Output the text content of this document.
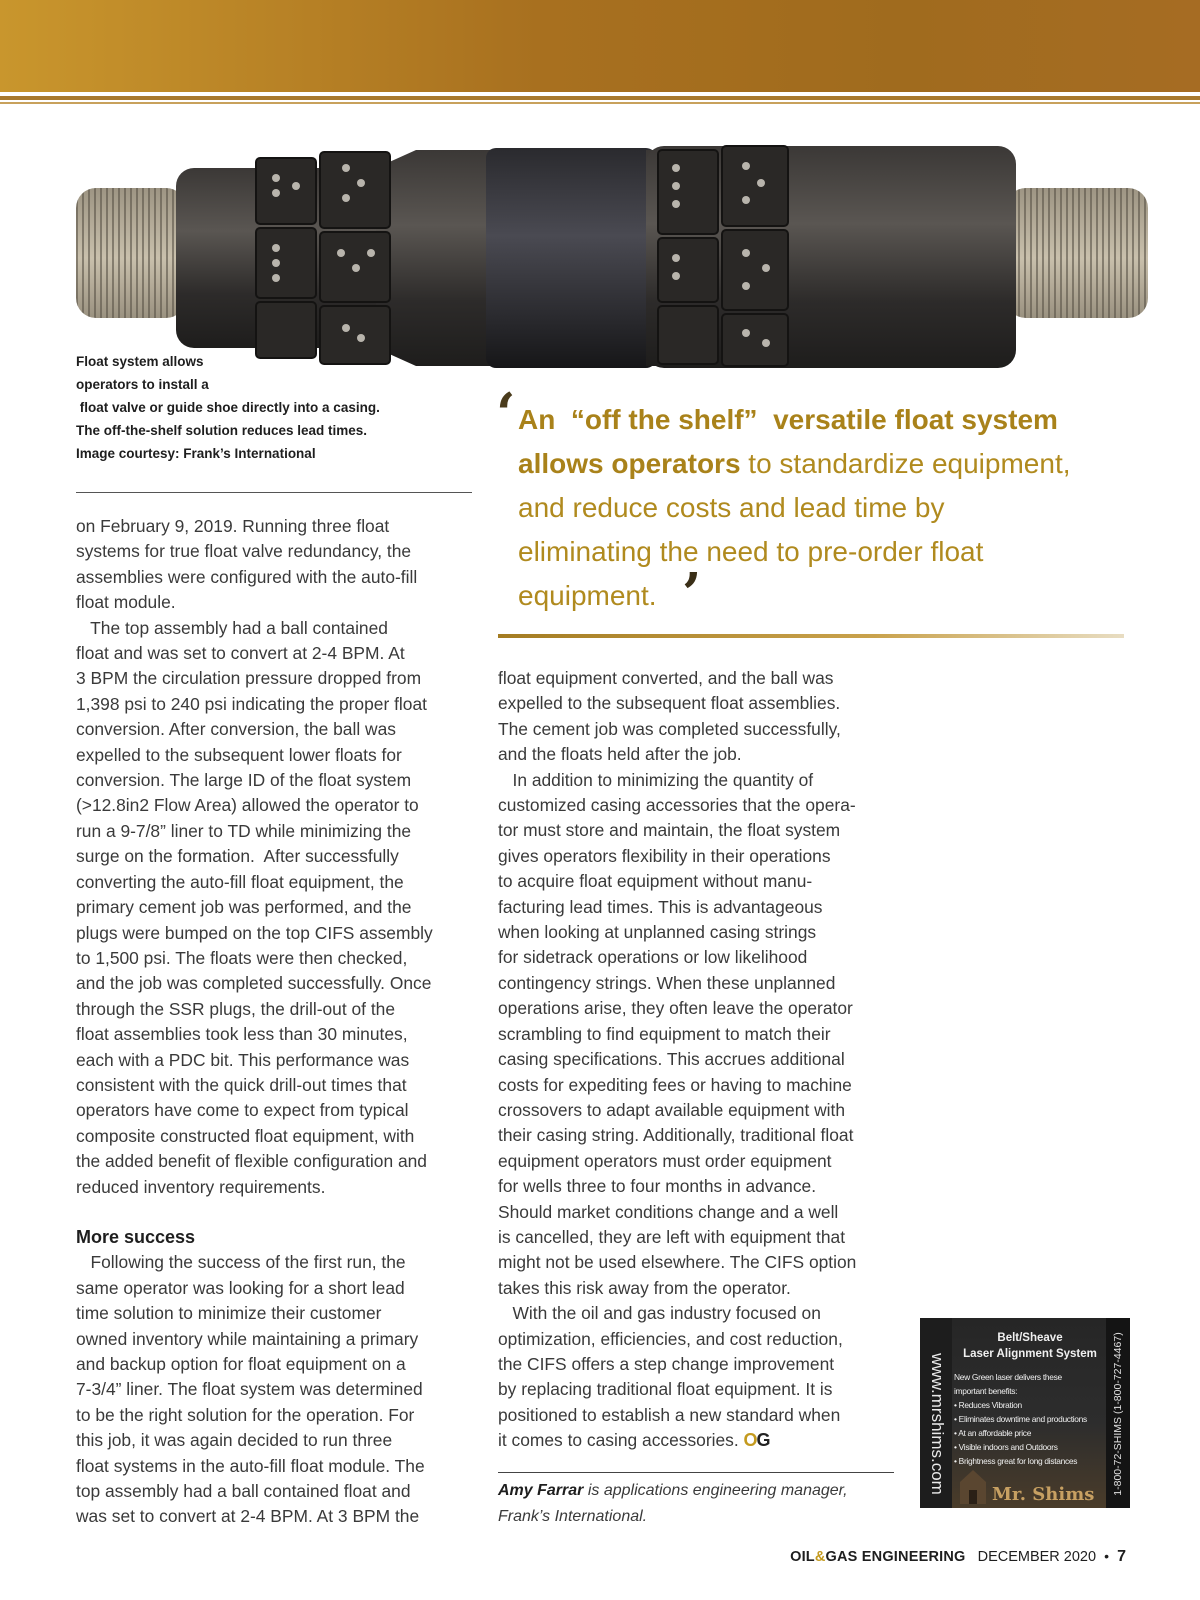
Float system allows
operators to install a
float valve or guide shoe directly into a casing.
The off-the-shelf solution reduces lead times.
Image courtesy: Frank’s International
‘ An  “off the shelf”  versatile float system
allows operators to standardize equipment,
and reduce costs and lead time by
eliminating the need to pre-order float
equipment. ’

on February 9, 2019. Running three float

systems for true float valve redundancy, the

assemblies were configured with the auto-fill

float module.

The top assembly had a ball contained

float and was set to convert at 2-4 BPM. At

3 BPM the circulation pressure dropped from

1,398 psi to 240 psi indicating the proper float

conversion. After conversion, the ball was

expelled to the subsequent lower floats for

conversion. The large ID of the float system

(>12.8in2 Flow Area) allowed the operator to

run a 9-7/8” liner to TD while minimizing the

surge on the formation.  After successfully

converting the auto-fill float equipment, the

primary cement job was performed, and the

plugs were bumped on the top CIFS assembly

to 1,500 psi. The floats were then checked,

and the job was completed successfully. Once

through the SSR plugs, the drill-out of the

float assemblies took less than 30 minutes,

each with a PDC bit. This performance was

consistent with the quick drill-out times that

operators have come to expect from typical

composite constructed float equipment, with

the added benefit of flexible configuration and

reduced inventory requirements.

More success

Following the success of the first run, the

same operator was looking for a short lead

time solution to minimize their customer

owned inventory while maintaining a primary

and backup option for float equipment on a

7-3/4” liner. The float system was determined

to be the right solution for the operation. For

this job, it was again decided to run three

float systems in the auto-fill float module. The

top assembly had a ball contained float and

was set to convert at 2-4 BPM. At 3 BPM the

float equipment converted, and the ball was

expelled to the subsequent float assemblies.

The cement job was completed successfully,

and the floats held after the job.

In addition to minimizing the quantity of

customized casing accessories that the opera-

tor must store and maintain, the float system

gives operators flexibility in their operations

to acquire float equipment without manu-

facturing lead times. This is advantageous

when looking at unplanned casing strings

for sidetrack operations or low likelihood

contingency strings. When these unplanned

operations arise, they often leave the operator

scrambling to find equipment to match their

casing specifications. This accrues additional

costs for expediting fees or having to machine

crossovers to adapt available equipment with

their casing string. Additionally, traditional float

equipment operators must order equipment

for wells three to four months in advance.

Should market conditions change and a well

is cancelled, they are left with equipment that

might not be used elsewhere. The CIFS option

takes this risk away from the operator.

With the oil and gas industry focused on

optimization, efficiencies, and cost reduction,

the CIFS offers a step change improvement

by replacing traditional float equipment. It is

positioned to establish a new standard when

it comes to casing accessories. OG

Amy Farrar is applications engineering manager,
Frank’s International.
www.mrshims.com
Belt/Sheave
Laser Alignment System
New Green laser delivers these
important benefits:
• Reduces Vibration
• Eliminates downtime and productions
• At an affordable price
• Visible indoors and Outdoors
• Brightness great for long distances
Mr. Shims 1-800-72-SHIMS (1-800-727-4467)
OIL&GAS ENGINEERING DECEMBER 2020 • 7
